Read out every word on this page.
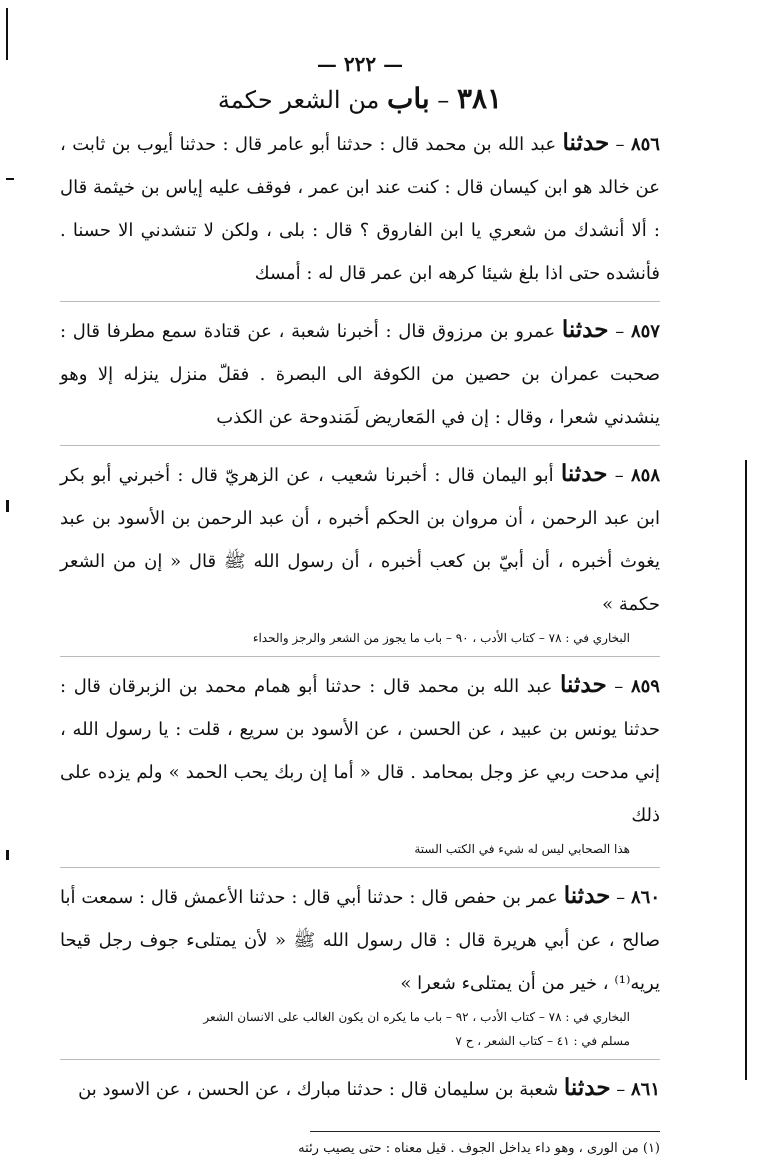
— ٢٢٢ —
٣٨١ – باب من الشعر حكمة

٨٥٦ – حدثنا عبد الله بن محمد قال : حدثنا أبو عامر قال : حدثنا أيوب بن ثابت ، عن خالد هو ابن كيسان قال : كنت عند ابن عمر ، فوقف عليه إياس بن خيثمة قال : ألا أنشدك من شعري يا ابن الفاروق ؟ قال : بلى ، ولكن لا تنشدني الا حسنا . فأنشده حتى اذا بلغ شيئا كرهه ابن عمر قال له : أمسك

٨٥٧ – حدثنا عمرو بن مرزوق قال : أخبرنا شعبة ، عن قتادة سمع مطرفا قال : صحبت عمران بن حصين من الكوفة الى البصرة . فقلّ منزل ينزله إلا وهو ينشدني شعرا ، وقال : إن في المَعاريض لَمَندوحة عن الكذب

٨٥٨ – حدثنا أبو اليمان قال : أخبرنا شعيب ، عن الزهريّ قال : أخبرني أبو بكر ابن عبد الرحمن ، أن مروان بن الحكم أخبره ، أن عبد الرحمن بن الأسود بن عبد يغوث أخبره ، أن أبيّ بن كعب أخبره ، أن رسول الله ﷺ قال « إن من الشعر حكمة »

البخاري في : ٧٨ – كتاب الأدب ، ٩٠ – باب ما يجوز من الشعر والرجز والحداء

٨٥٩ – حدثنا عبد الله بن محمد قال : حدثنا أبو همام محمد بن الزبرقان قال : حدثنا يونس بن عبيد ، عن الحسن ، عن الأسود بن سريع ، قلت : يا رسول الله ، إني مدحت ربي عز وجل بمحامد . قال « أما إن ربك يحب الحمد » ولم يزده على ذلك

هذا الصحابي ليس له شيء في الكتب الستة

٨٦٠ – حدثنا عمر بن حفص قال : حدثنا أبي قال : حدثنا الأعمش قال : سمعت أبا صالح ، عن أبي هريرة قال : قال رسول الله ﷺ « لأن يمتلىء جوف رجل قيحا يريه⁽¹⁾ ، خير من أن يمتلىء شعرا »

البخاري في : ٧٨ – كتاب الأدب ، ٩٢ – باب ما يكره ان يكون الغالب على الانسان الشعر
مسلم في : ٤١ – كتاب الشعر ، ح ٧

٨٦١ – حدثنا شعبة بن سليمان قال : حدثنا مبارك ، عن الحسن ، عن الاسود بن

(١) من الورى ، وهو داء يداخل الجوف . قيل معناه : حتى يصيب رئته
